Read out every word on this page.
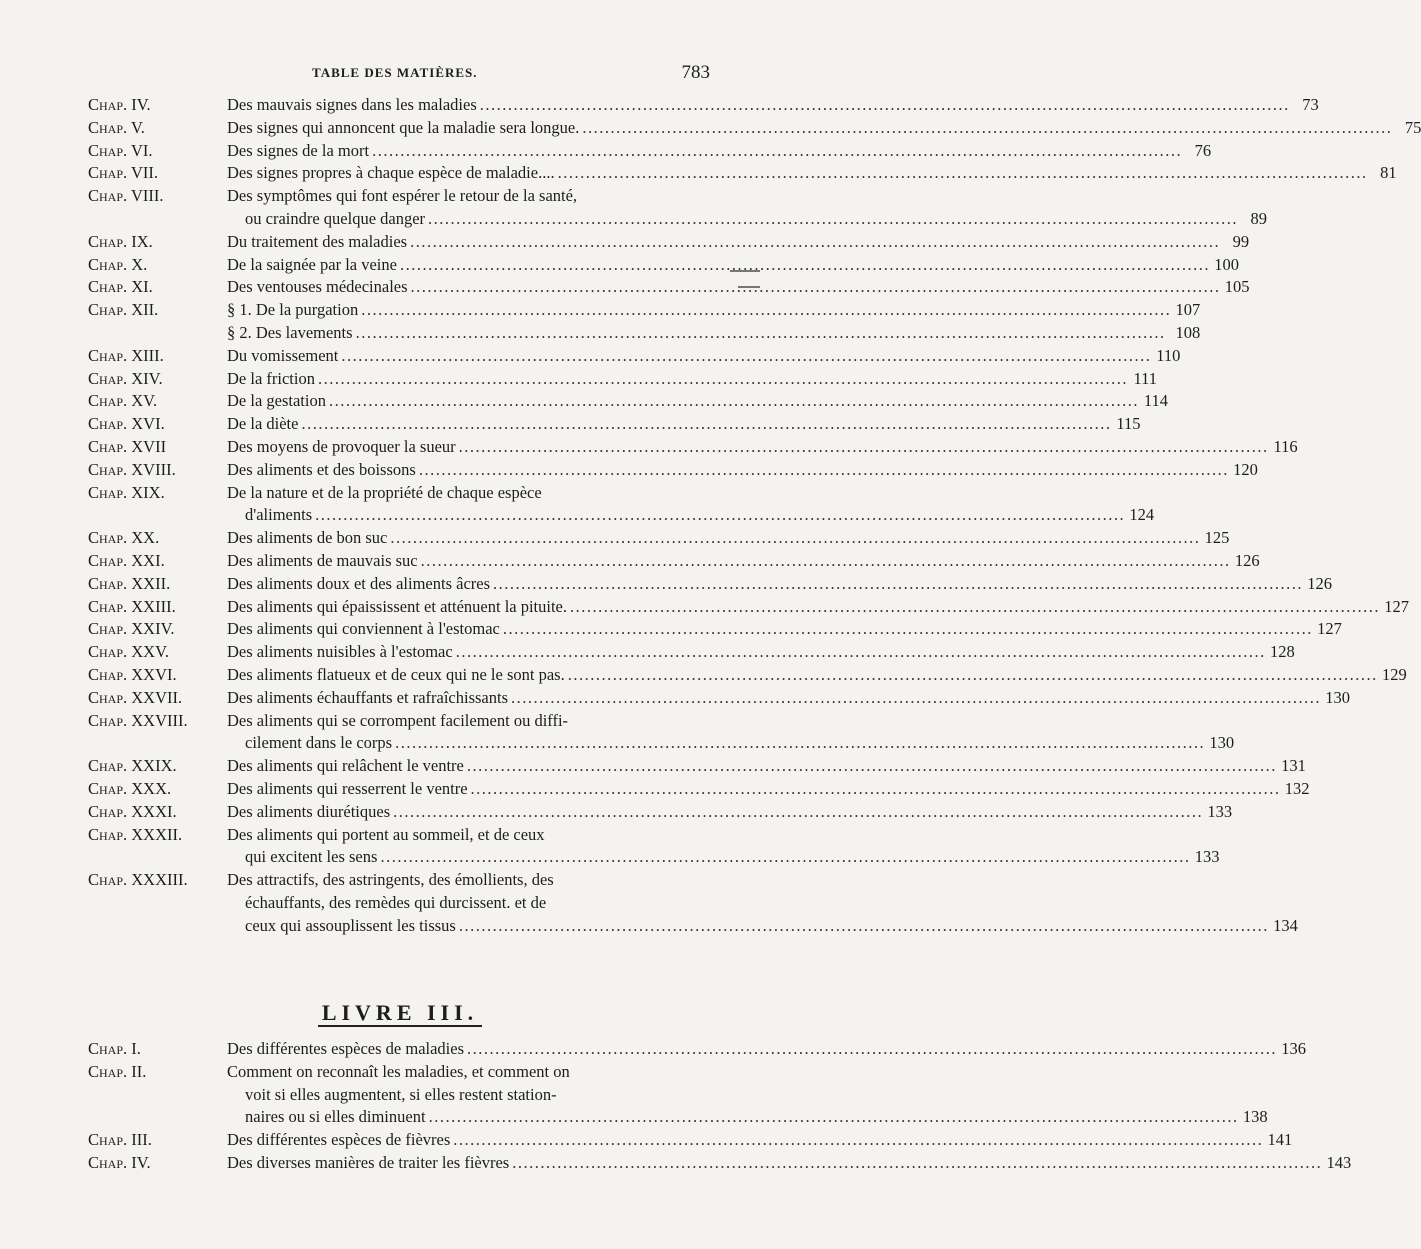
TABLE DES MATIÈRES.	783
Chap. IV.	Des mauvais signes dans les maladies .....	73
Chap. V.	Des signes qui annoncent que la maladie sera longue. .....	75
Chap. VI.	Des signes de la mort .....	76
Chap. VII.	Des signes propres à chaque espèce de maladie.... .....	81
Chap. VIII.	Des symptômes qui font espérer le retour de la santé,
ou craindre quelque danger .....	89
Chap. IX.	Du traitement des maladies .....	99
Chap. X.	De la saignée par la veine .....	100
Chap. XI.	Des ventouses médecinales .....	105
Chap. XII.	§ 1. De la purgation .....	107
§ 2. Des lavements .....	108
Chap. XIII.	Du vomissement .....	110
Chap. XIV.	De la friction .....	111
Chap. XV.	De la gestation .....	114
Chap. XVI.	De la diète .....	115
Chap. XVII	Des moyens de provoquer la sueur .....	116
Chap. XVIII.	Des aliments et des boissons .....	120
Chap. XIX.	De la nature et de la propriété de chaque espèce
d'aliments .....	124
Chap. XX.	Des aliments de bon suc .....	125
Chap. XXI.	Des aliments de mauvais suc .....	126
Chap. XXII.	Des aliments doux et des aliments âcres .....	126
Chap. XXIII.	Des aliments qui épaississent et atténuent la pituite. .....	127
Chap. XXIV.	Des aliments qui conviennent à l'estomac .....	127
Chap. XXV.	Des aliments nuisibles à l'estomac .....	128
Chap. XXVI.	Des aliments flatueux et de ceux qui ne le sont pas. .....	129
Chap. XXVII.	Des aliments échauffants et rafraîchissants .....	130
Chap. XXVIII.	Des aliments qui se corrompent facilement ou diffi-
cilement dans le corps .....	130
Chap. XXIX.	Des aliments qui relâchent le ventre .....	131
Chap. XXX.	Des aliments qui resserrent le ventre .....	132
Chap. XXXI.	Des aliments diurétiques .....	133
Chap. XXXII.	Des aliments qui portent au sommeil, et de ceux
qui excitent les sens .....	133
Chap. XXXIII.	Des attractifs, des astringents, des émollients, des
échauffants, des remèdes qui durcissent. et de
ceux qui assouplissent les tissus .....	134
LIVRE III.
Chap. I.	Des différentes espèces de maladies .....	136
Chap. II.	Comment on reconnaît les maladies, et comment on
voit si elles augmentent, si elles restent station-
naires ou si elles diminuent .....	138
Chap. III.	Des différentes espèces de fièvres .....	141
Chap. IV.	Des diverses manières de traiter les fièvres .....	143
